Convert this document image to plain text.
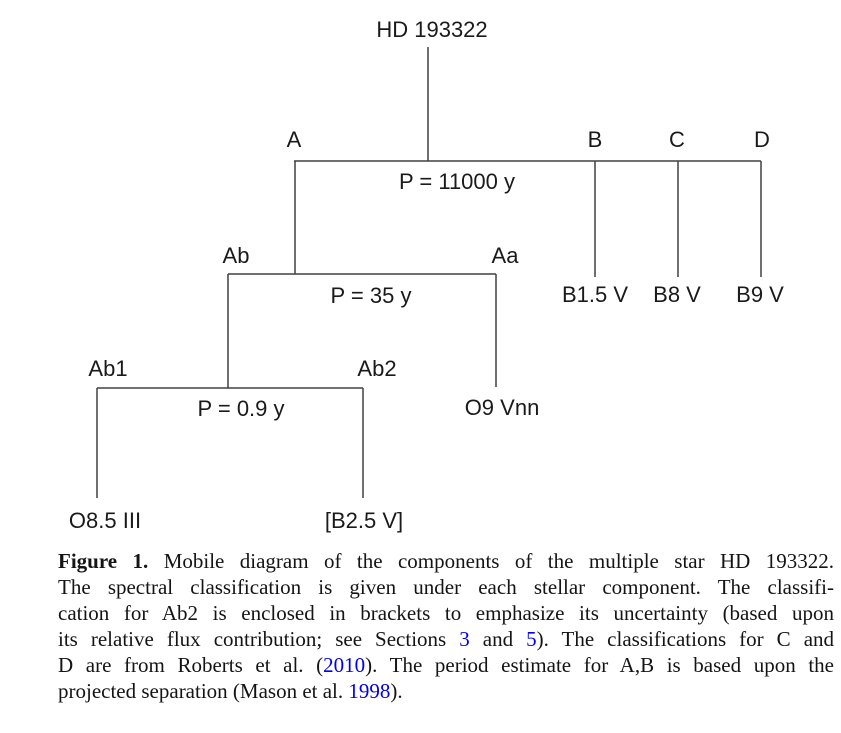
HD 193322
A	B	C	D
P = 11000 y
Ab	Aa
P = 35 y	B1.5 V B8 V B9 V
Ab1	Ab2
P = 0.9 y	O9 Vnn
O8.5 III	[B2.5 V]
Figure 1. Mobile diagram of the components of the multiple star HD 193322.
The spectral classification is given under each stellar component. The classifi-
cation for Ab2 is enclosed in brackets to emphasize its uncertainty (based upon
its relative flux contribution; see Sections 3 and 5). The classifications for C and
D are from Roberts et al. (2010). The period estimate for A,B is based upon the
projected separation (Mason et al. 1998).
